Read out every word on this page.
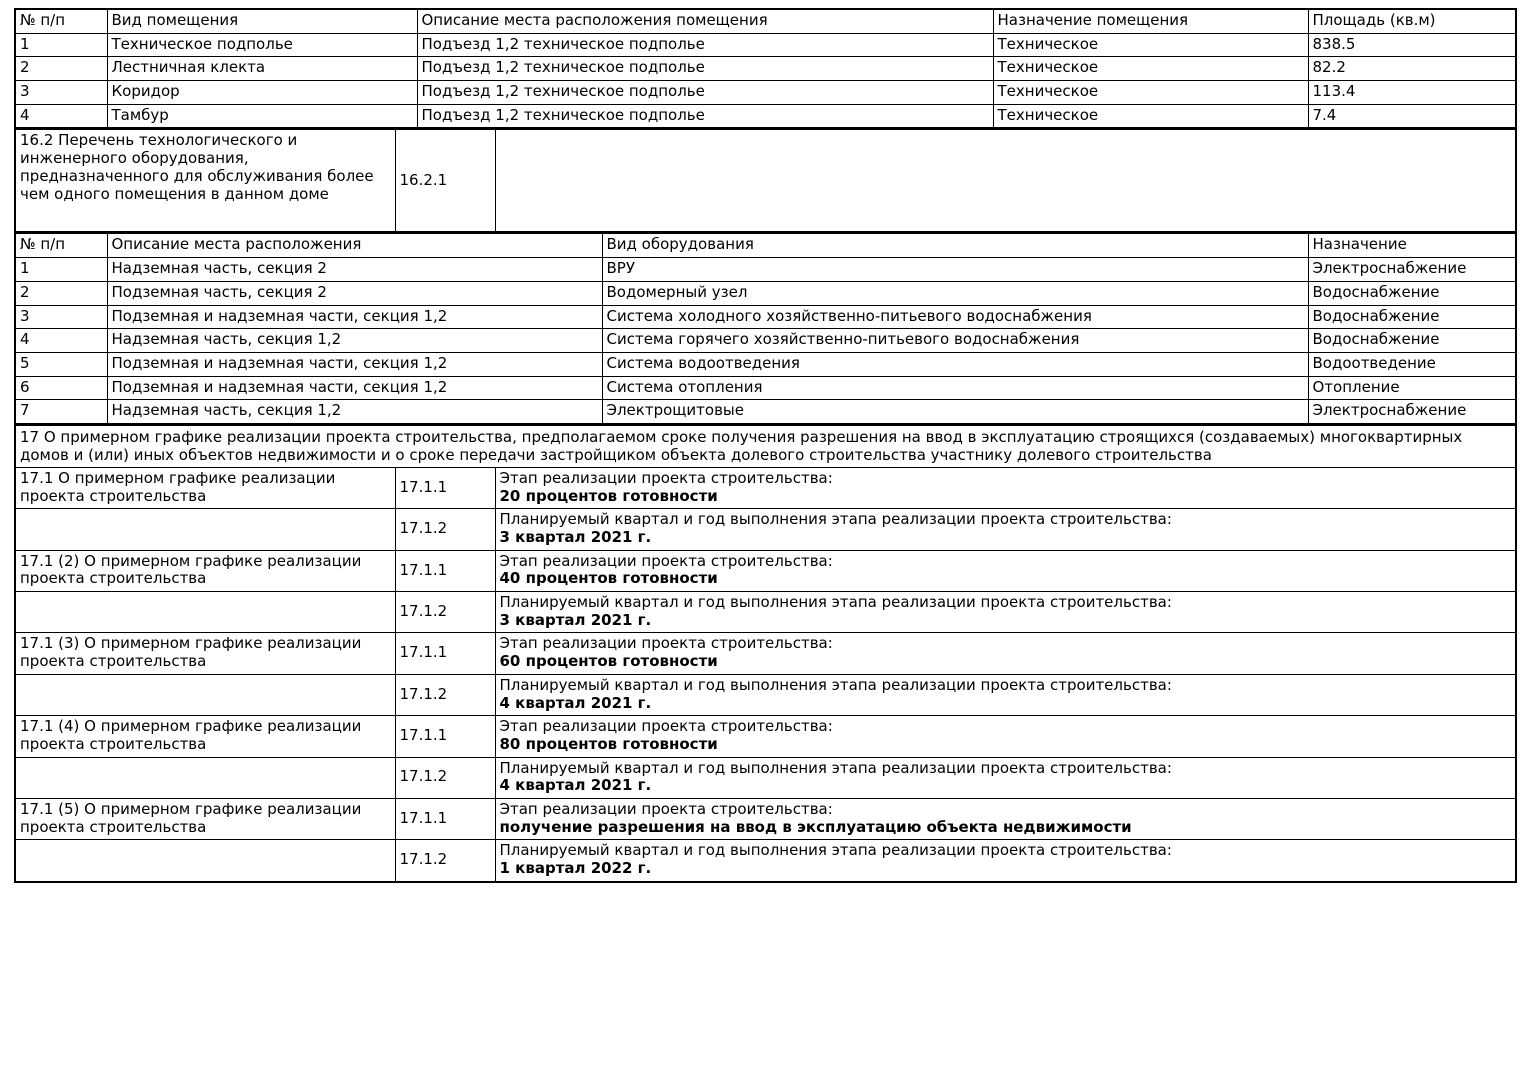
№ п/п	Вид помещения	Описание места расположения помещения	Назначение помещения	Площадь (кв.м)
1	Техническое подполье	Подъезд 1,2 техническое подполье	Техническое	838.5
2	Лестничная клекта	Подъезд 1,2 техническое подполье	Техническое	82.2
3	Коридор	Подъезд 1,2 техническое подполье	Техническое	113.4
4	Тамбур	Подъезд 1,2 техническое подполье	Техническое	7.4
16.2 Перечень технологического и инженерного оборудования, предназначенного для обслуживания более чем одного помещения в данном доме	16.2.1	
№ п/п	Описание места расположения	Вид оборудования	Назначение
1	Надземная часть, секция 2	ВРУ	Электроснабжение
2	Подземная часть, секция 2	Водомерный узел	Водоснабжение
3	Подземная и надземная части, секция 1,2	Система холодного хозяйственно-питьевого водоснабжения	Водоснабжение
4	Надземная часть, секция 1,2	Система горячего хозяйственно-питьевого водоснабжения	Водоснабжение
5	Подземная и надземная части, секция 1,2	Система водоотведения	Водоотведение
6	Подземная и надземная части, секция 1,2	Система отопления	Отопление
7	Надземная часть, секция 1,2	Электрощитовые	Электроснабжение
17 О примерном графике реализации проекта строительства, предполагаемом сроке получения разрешения на ввод в эксплуатацию строящихся (создаваемых) многоквартирных домов и (или) иных объектов недвижимости и о сроке передачи застройщиком объекта долевого строительства участнику долевого строительства		
17.1 О примерном графике реализации проекта строительства	17.1.1	Этап реализации проекта строительства:
20 процентов готовности

	17.1.2	Планируемый квартал и год выполнения этапа реализации проекта строительства:
3 квартал 2021 г.

17.1 (2) О примерном графике реализации проекта строительства	17.1.1	Этап реализации проекта строительства:
40 процентов готовности

	17.1.2	Планируемый квартал и год выполнения этапа реализации проекта строительства:
3 квартал 2021 г.

17.1 (3) О примерном графике реализации проекта строительства	17.1.1	Этап реализации проекта строительства:
60 процентов готовности

	17.1.2	Планируемый квартал и год выполнения этапа реализации проекта строительства:
4 квартал 2021 г.

17.1 (4) О примерном графике реализации проекта строительства	17.1.1	Этап реализации проекта строительства:
80 процентов готовности

	17.1.2	Планируемый квартал и год выполнения этапа реализации проекта строительства:
4 квартал 2021 г.

17.1 (5) О примерном графике реализации проекта строительства	17.1.1	Этап реализации проекта строительства:
получение разрешения на ввод в эксплуатацию объекта недвижимости

	17.1.2	Планируемый квартал и год выполнения этапа реализации проекта строительства:
1 квартал 2022 г.
